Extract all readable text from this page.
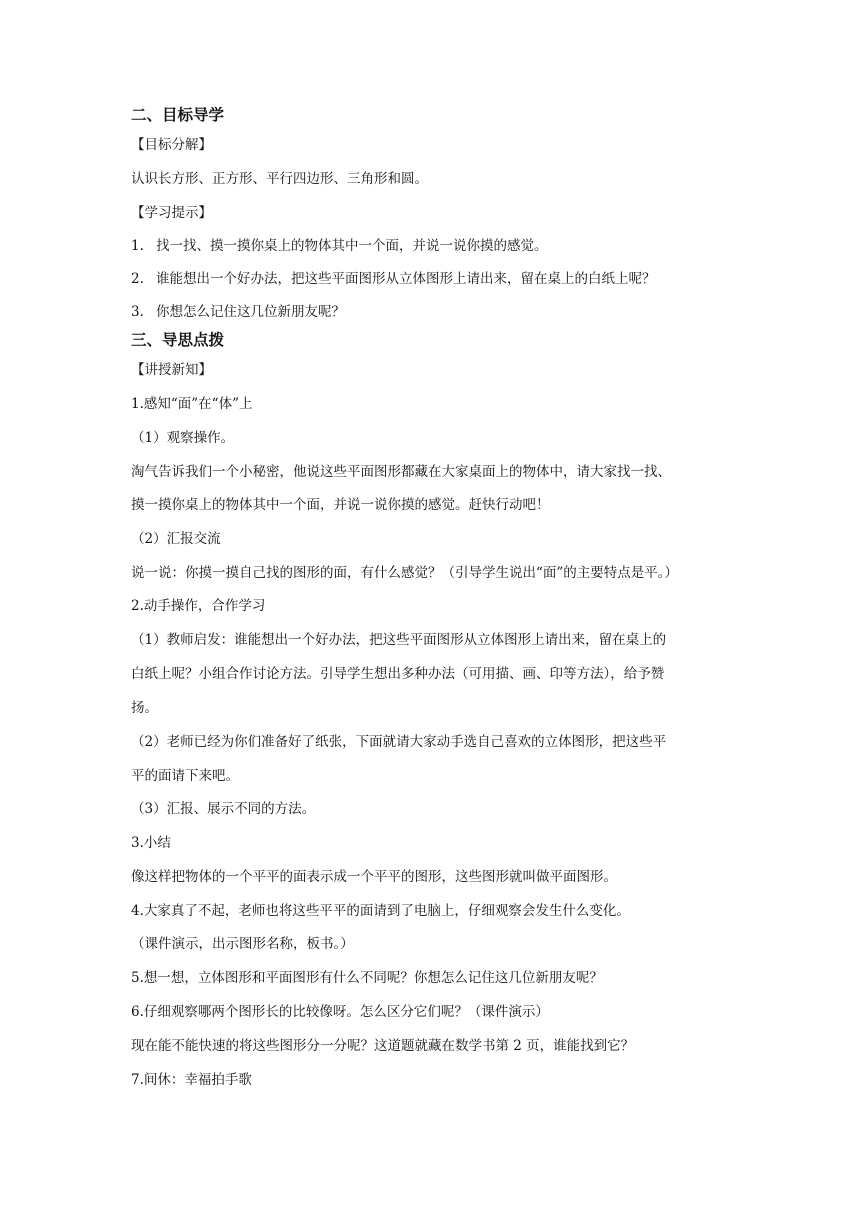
二、目标导学
【目标分解】
认识长方形、正方形、平行四边形、三角形和圆。
【学习提示】
1. 找一找、摸一摸你桌上的物体其中一个面，并说一说你摸的感觉。
2. 谁能想出一个好办法，把这些平面图形从立体图形上请出来，留在桌上的白纸上呢？
3. 你想怎么记住这几位新朋友呢？
三、导思点拨
【讲授新知】
1.感知“面”在“体”上
（1）观察操作。
淘气告诉我们一个小秘密，他说这些平面图形都藏在大家桌面上的物体中，请大家找一找、
摸一摸你桌上的物体其中一个面，并说一说你摸的感觉。赶快行动吧！
（2）汇报交流
说一说：你摸一摸自己找的图形的面，有什么感觉？（引导学生说出“面”的主要特点是平。）
2.动手操作，合作学习
（1）教师启发：谁能想出一个好办法，把这些平面图形从立体图形上请出来，留在桌上的
白纸上呢？小组合作讨论方法。引导学生想出多种办法（可用描、画、印等方法），给予赞
扬。
（2）老师已经为你们准备好了纸张，下面就请大家动手选自己喜欢的立体图形，把这些平
平的面请下来吧。
（3）汇报、展示不同的方法。
3.小结
像这样把物体的一个平平的面表示成一个平平的图形，这些图形就叫做平面图形。
4.大家真了不起，老师也将这些平平的面请到了电脑上，仔细观察会发生什么变化。
（课件演示，出示图形名称，板书。）
5.想一想，立体图形和平面图形有什么不同呢？你想怎么记住这几位新朋友呢？
6.仔细观察哪两个图形长的比较像呀。怎么区分它们呢？（课件演示）
现在能不能快速的将这些图形分一分呢？这道题就藏在数学书第 2 页，谁能找到它？
7.间休：幸福拍手歌
